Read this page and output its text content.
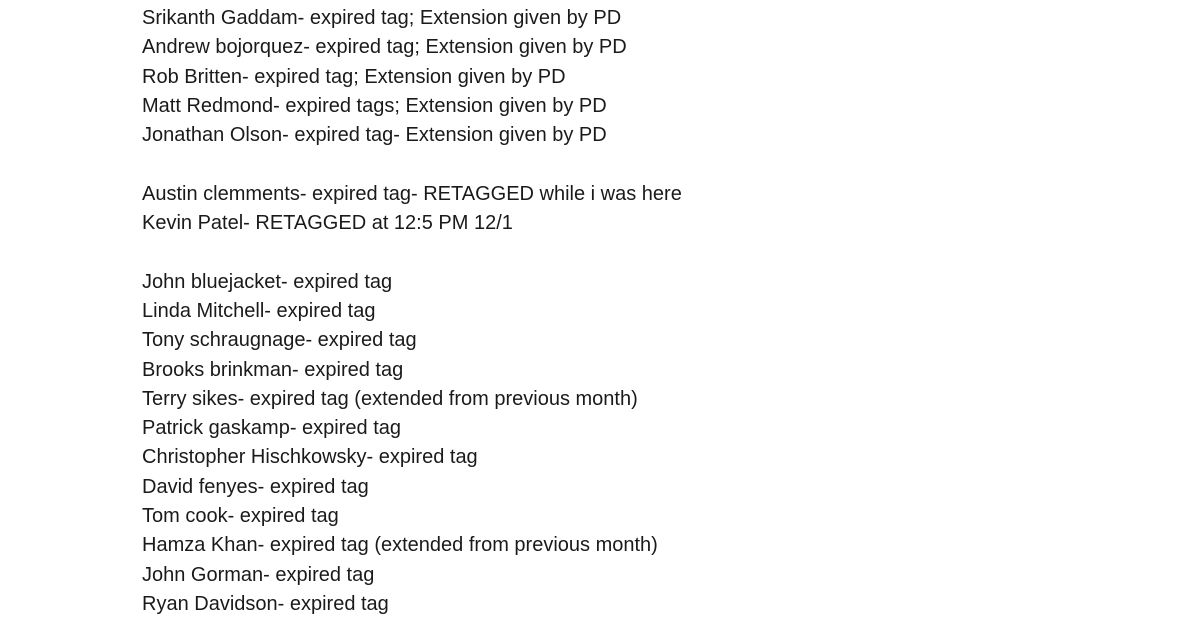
Srikanth Gaddam- expired tag; Extension given by PD
Andrew bojorquez- expired tag; Extension given by PD
Rob Britten- expired tag; Extension given by PD
Matt Redmond- expired tags; Extension given by PD
Jonathan Olson- expired tag- Extension given by PD
Austin clemments- expired tag- RETAGGED while i was here
Kevin Patel- RETAGGED at 12:5 PM 12/1
John bluejacket- expired tag
Linda Mitchell- expired tag
Tony schraugnage- expired tag
Brooks brinkman- expired tag
Terry sikes- expired tag (extended from previous month)
Patrick gaskamp- expired tag
Christopher Hischkowsky- expired tag
David fenyes- expired tag
Tom cook- expired tag
Hamza Khan- expired tag (extended from previous month)
John Gorman- expired tag
Ryan Davidson- expired tag
